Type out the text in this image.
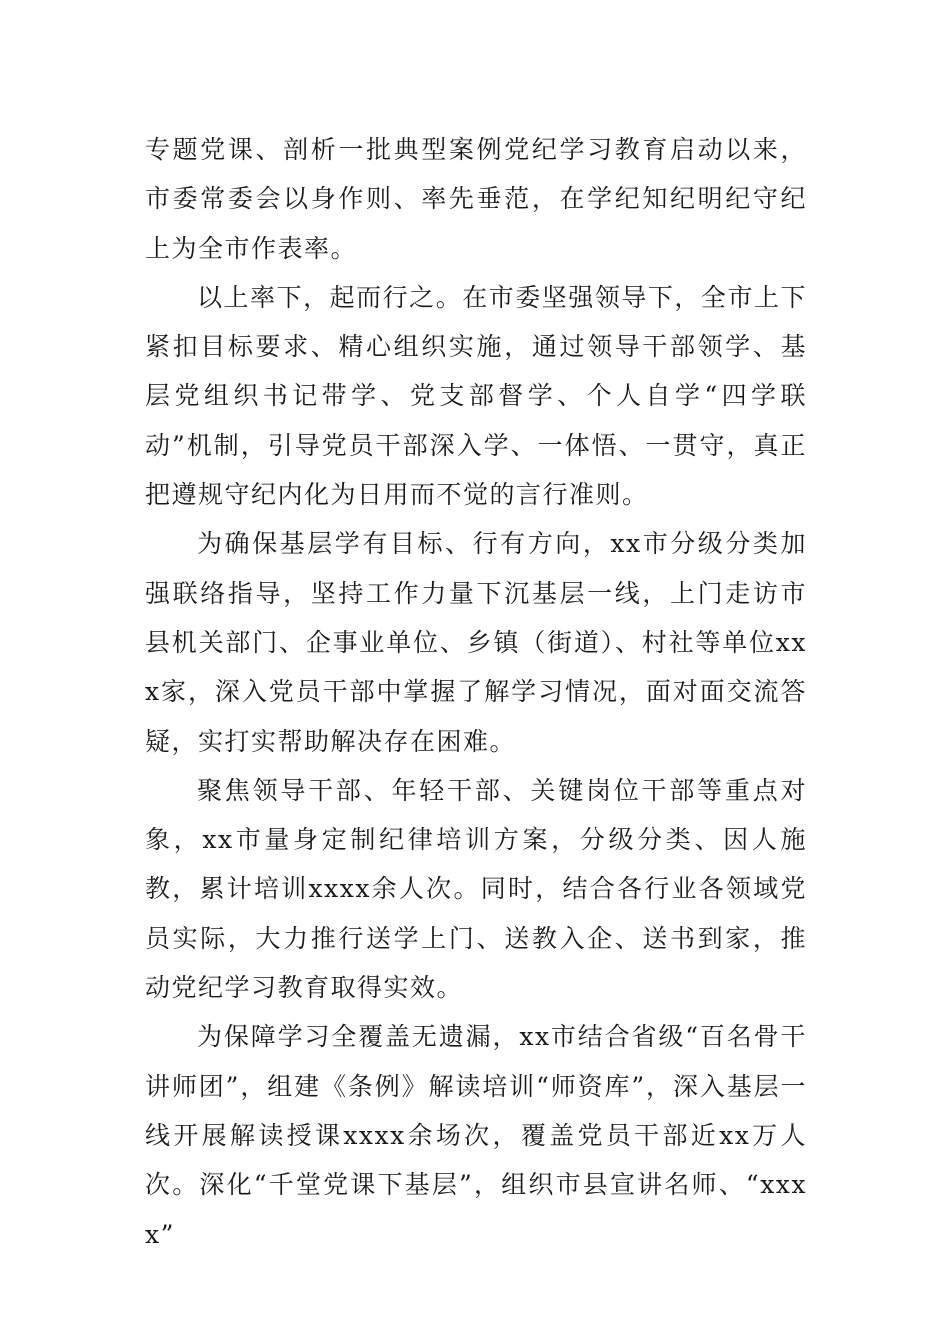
专题党课、剖析一批典型案例党纪学习教育启动以来，市委常委会以身作则、率先垂范，在学纪知纪明纪守纪上为全市作表率。

以上率下，起而行之。在市委坚强领导下，全市上下紧扣目标要求、精心组织实施，通过领导干部领学、基层党组织书记带学、党支部督学、个人自学“四学联动”机制，引导党员干部深入学、一体悟、一贯守，真正把遵规守纪内化为日用而不觉的言行准则。

为确保基层学有目标、行有方向，xx市分级分类加强联络指导，坚持工作力量下沉基层一线，上门走访市县机关部门、企事业单位、乡镇（街道）、村社等单位xxx家，深入党员干部中掌握了解学习情况，面对面交流答疑，实打实帮助解决存在困难。

聚焦领导干部、年轻干部、关键岗位干部等重点对象，xx市量身定制纪律培训方案，分级分类、因人施教，累计培训xxxx余人次。同时，结合各行业各领域党员实际，大力推行送学上门、送教入企、送书到家，推动党纪学习教育取得实效。

为保障学习全覆盖无遗漏，xx市结合省级“百名骨干讲师团”，组建《条例》解读培训“师资库”，深入基层一线开展解读授课xxxx余场次，覆盖党员干部近xx万人次。深化“千堂党课下基层”，组织市县宣讲名师、“xxxx”
